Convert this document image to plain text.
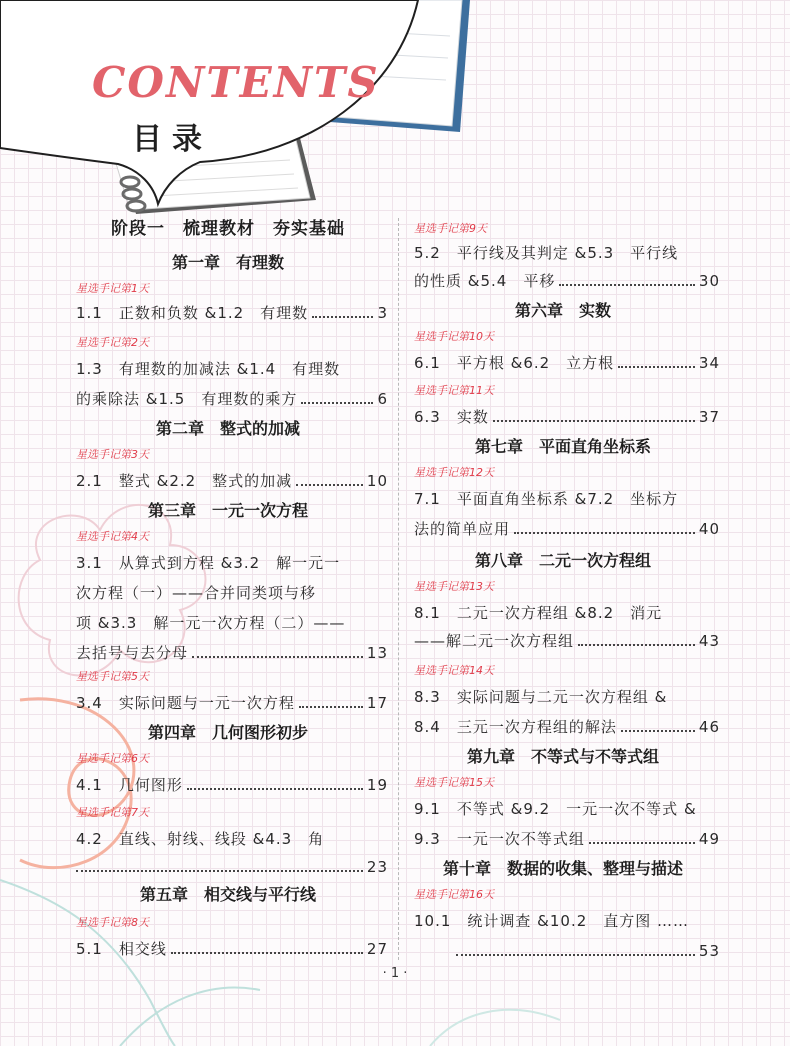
CONTENTS
目录
阶段一　梳理教材　夯实基础
第一章　有理数
星选手记第1天
1.1　正数和负数 &1.2　有理数	3
星选手记第2天
1.3　有理数的加减法 &1.4　有理数
的乘除法 &1.5　有理数的乘方	6
第二章　整式的加减
星选手记第3天
2.1　整式 &2.2　整式的加减	10
第三章　一元一次方程
星选手记第4天
3.1　从算式到方程 &3.2　解一元一
次方程（一）——合并同类项与移
项 &3.3　解一元一次方程（二）——
去括号与去分母	13
星选手记第5天
3.4　实际问题与一元一次方程	17
第四章　几何图形初步
星选手记第6天
4.1　几何图形	19
星选手记第7天
4.2　直线、射线、线段 &4.3　角
23
第五章　相交线与平行线
星选手记第8天
5.1　相交线	27
星选手记第9天
5.2　平行线及其判定 &5.3　平行线
的性质 &5.4　平移	30
第六章　实数
星选手记第10天
6.1　平方根 &6.2　立方根	34
星选手记第11天
6.3　实数	37
第七章　平面直角坐标系
星选手记第12天
7.1　平面直角坐标系 &7.2　坐标方
法的简单应用	40
第八章　二元一次方程组
星选手记第13天
8.1　二元一次方程组 &8.2　消元
——解二元一次方程组	43
星选手记第14天
8.3　实际问题与二元一次方程组 &
8.4　三元一次方程组的解法	46
第九章　不等式与不等式组
星选手记第15天
9.1　不等式 &9.2　一元一次不等式 &
9.3　一元一次不等式组	49
第十章　数据的收集、整理与描述
星选手记第16天
10.1　统计调查 &10.2　直方图 ……
53
· 1 ·
